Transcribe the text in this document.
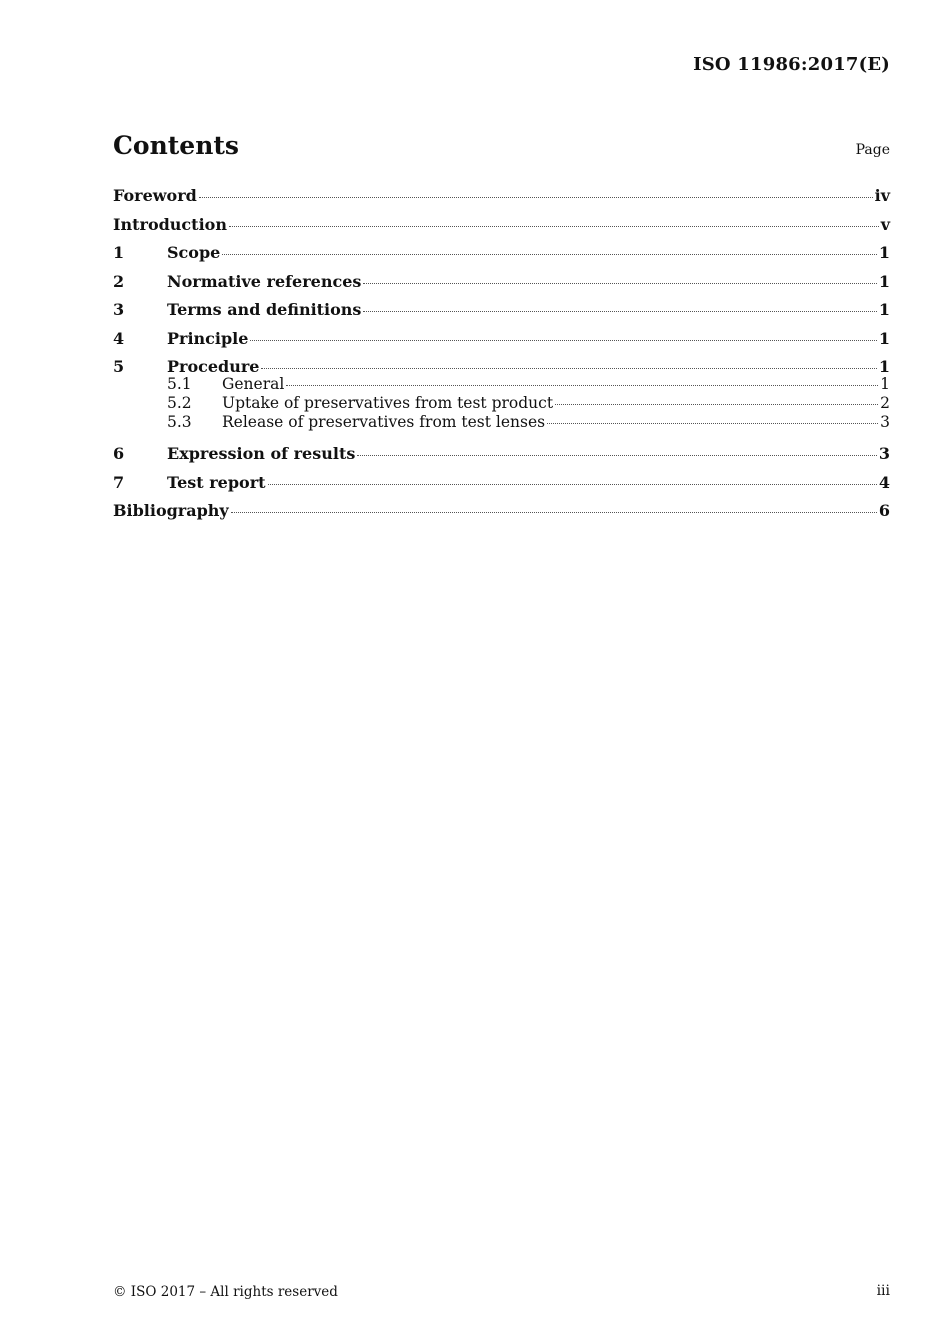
ISO 11986:2017(E)
Contents	Page
Foreword	iv
Introduction	v
1	Scope	1
2	Normative references	1
3	Terms and definitions	1
4	Principle	1
5	Procedure	1
5.1	General	1
5.2	Uptake of preservatives from test product	2
5.3	Release of preservatives from test lenses	3
6	Expression of results	3
7	Test report	4
Bibliography	6
© ISO 2017 – All rights reserved	iii
